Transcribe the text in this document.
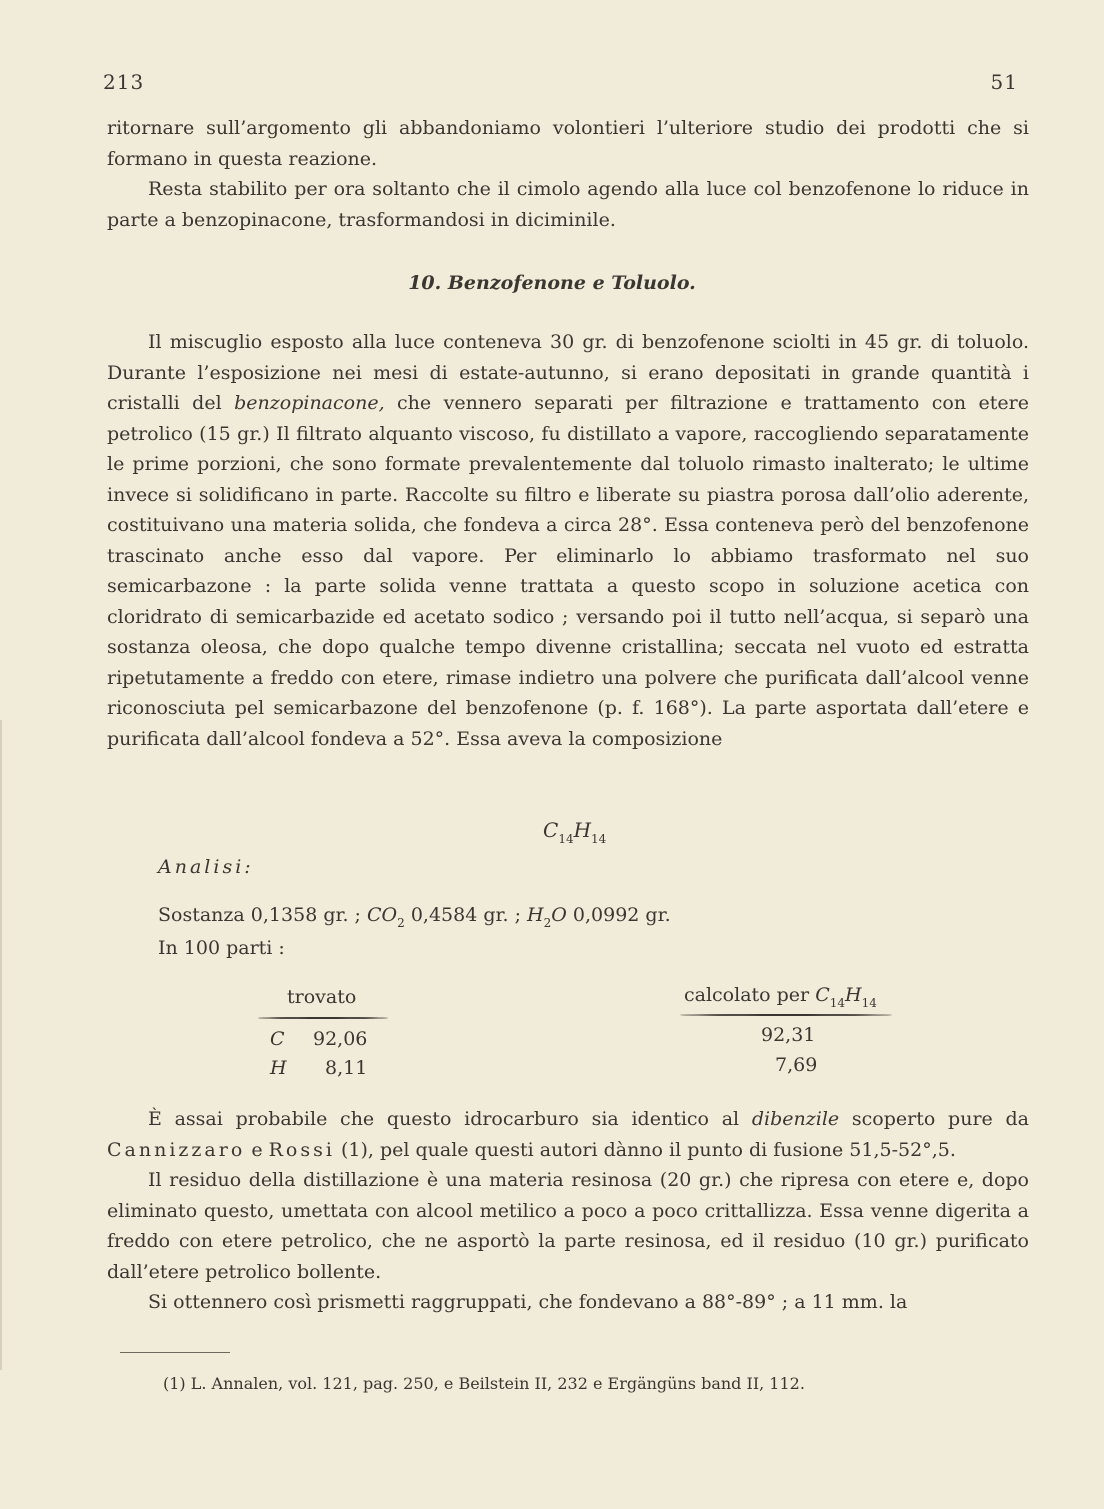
213	51

ritornare sull’argomento gli abbandoniamo volontieri l’ulteriore studio dei prodotti che si formano in questa reazione.

Resta stabilito per ora soltanto che il cimolo agendo alla luce col benzofenone lo riduce in parte a benzopinacone, trasformandosi in diciminile.

10. Benzofenone e Toluolo.

Il miscuglio esposto alla luce conteneva 30 gr. di benzofenone sciolti in 45 gr. di toluolo. Durante l’esposizione nei mesi di estate-autunno, si erano depositati in grande quantità i cristalli del benzopinacone, che vennero separati per filtrazione e trattamento con etere petrolico (15 gr.) Il filtrato alquanto viscoso, fu distillato a vapore, raccogliendo separatamente le prime porzioni, che sono formate prevalentemente dal toluolo rimasto inalterato; le ultime invece si solidificano in parte. Raccolte su filtro e liberate su piastra porosa dall’olio aderente, costituivano una materia solida, che fondeva a circa 28°. Essa conteneva però del benzofenone trascinato anche esso dal vapore. Per eliminarlo lo abbiamo trasformato nel suo semicarbazone : la parte solida venne trattata a questo scopo in soluzione acetica con cloridrato di semicarbazide ed acetato sodico ; versando poi il tutto nell’acqua, si separò una sostanza oleosa, che dopo qualche tempo divenne cristallina; seccata nel vuoto ed estratta ripetutamente a freddo con etere, rimase indietro una polvere che purificata dall’alcool venne riconosciuta pel semicarbazone del benzofenone (p. f. 168°). La parte asportata dall’etere e purificata dall’alcool fondeva a 52°. Essa aveva la composizione

$C_{14}H_{14}$
Analisi:
Sostanza 0,1358 gr. ; $CO_2$ 0,4584 gr. ; $H_2O$ 0,0992 gr.
In 100 parti :
trovato	calcolato per $C_{14}H_{14}$
C 92,06	92,31
H 8,11	7,69

È assai probabile che questo idrocarburo sia identico al dibenzile scoperto pure da Cannizzaro e Rossi (1), pel quale questi autori dànno il punto di fusione 51,5-52°,5.

Il residuo della distillazione è una materia resinosa (20 gr.) che ripresa con etere e, dopo eliminato questo, umettata con alcool metilico a poco a poco crittallizza. Essa venne digerita a freddo con etere petrolico, che ne asportò la parte resinosa, ed il residuo (10 gr.) purificato dall’etere petrolico bollente.

Si ottennero così prismetti raggruppati, che fondevano a 88°-89° ; a 11 mm. la

(1) L. Annalen, vol. 121, pag. 250, e Beilstein II, 232 e Ergängüns band II, 112.
